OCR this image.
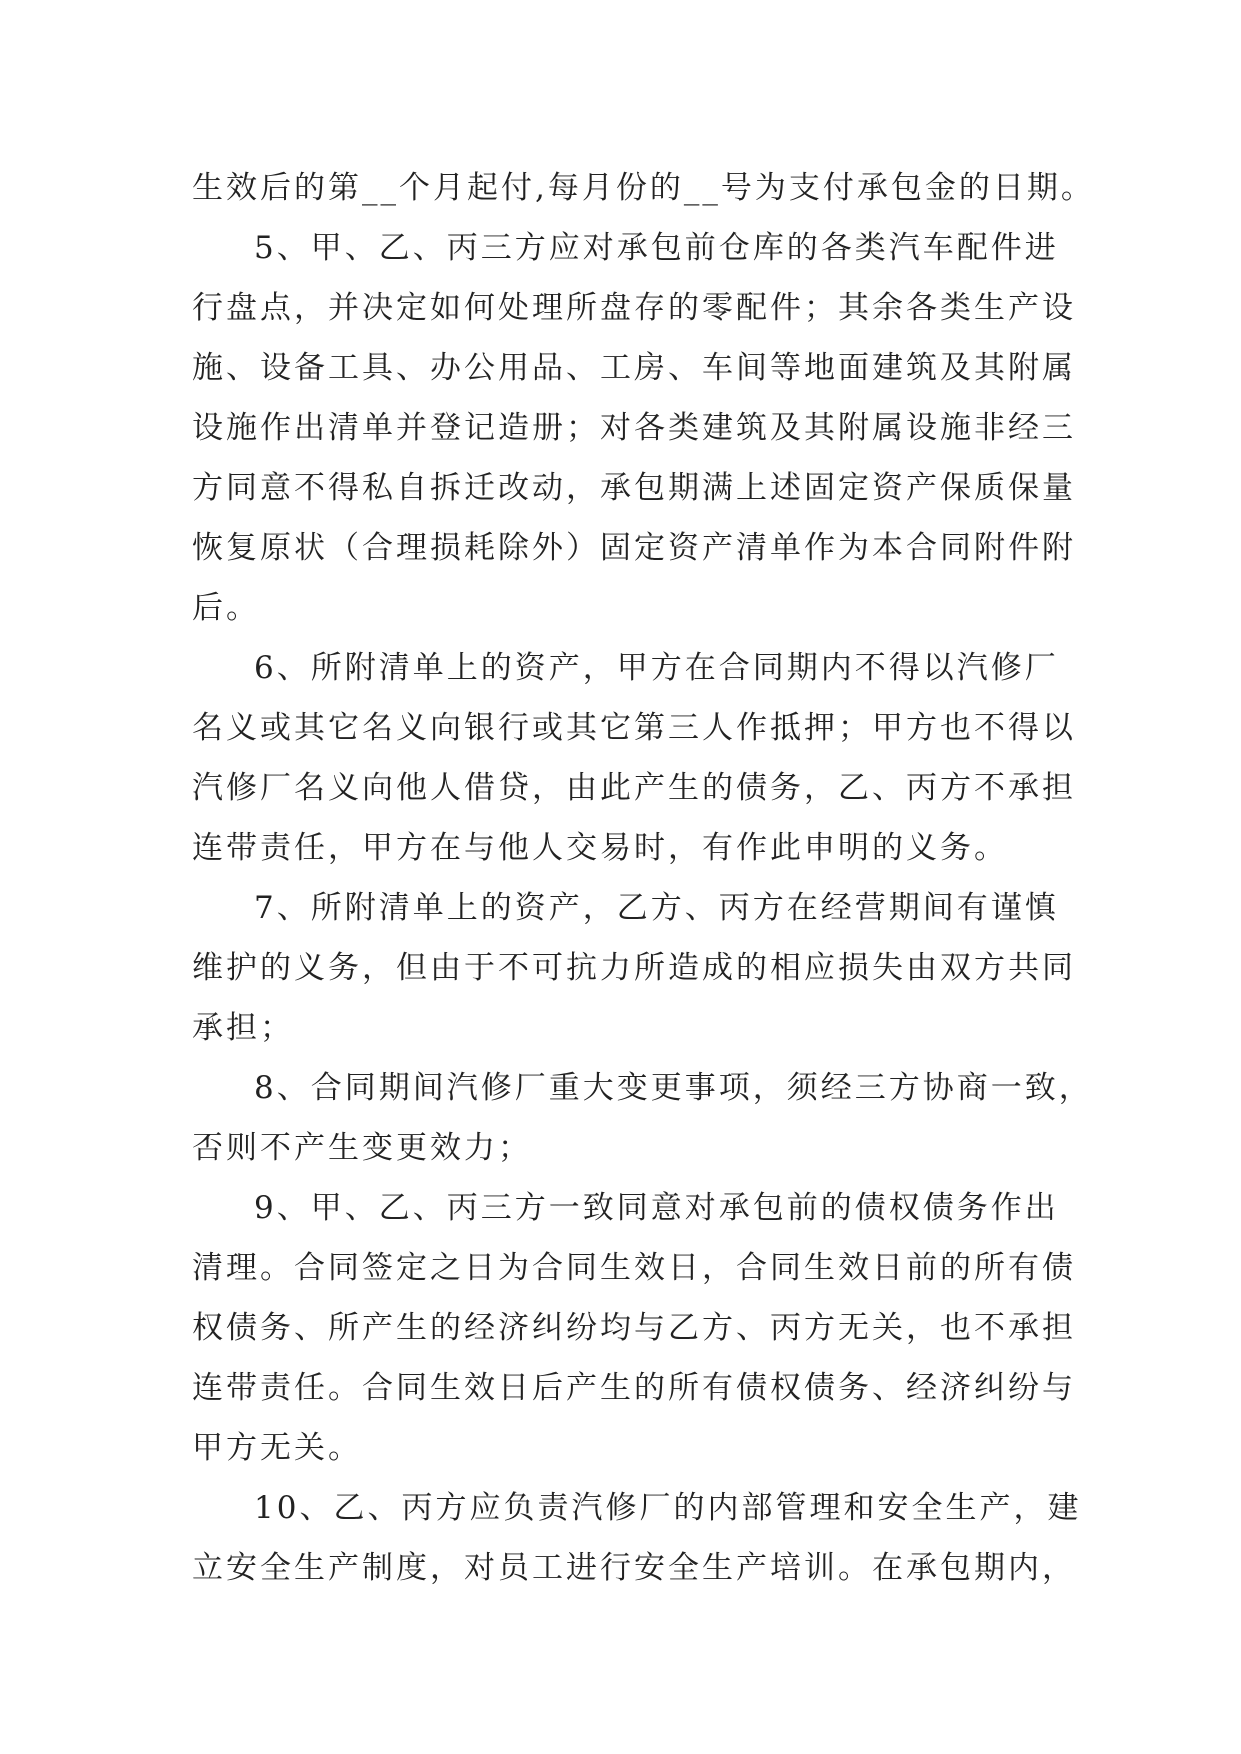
生效后的第__个月起付,每月份的__号为支付承包金的日期。
5、甲、乙、丙三方应对承包前仓库的各类汽车配件进
行盘点，并决定如何处理所盘存的零配件；其余各类生产设
施、设备工具、办公用品、工房、车间等地面建筑及其附属
设施作出清单并登记造册；对各类建筑及其附属设施非经三
方同意不得私自拆迁改动，承包期满上述固定资产保质保量
恢复原状（合理损耗除外）固定资产清单作为本合同附件附
后。
6、所附清单上的资产，甲方在合同期内不得以汽修厂
名义或其它名义向银行或其它第三人作抵押；甲方也不得以
汽修厂名义向他人借贷，由此产生的债务，乙、丙方不承担
连带责任，甲方在与他人交易时，有作此申明的义务。
7、所附清单上的资产，乙方、丙方在经营期间有谨慎
维护的义务，但由于不可抗力所造成的相应损失由双方共同
承担；
8、合同期间汽修厂重大变更事项，须经三方协商一致，
否则不产生变更效力；
9、甲、乙、丙三方一致同意对承包前的债权债务作出
清理。合同签定之日为合同生效日，合同生效日前的所有债
权债务、所产生的经济纠纷均与乙方、丙方无关，也不承担
连带责任。合同生效日后产生的所有债权债务、经济纠纷与
甲方无关。
10、乙、丙方应负责汽修厂的内部管理和安全生产，建
立安全生产制度，对员工进行安全生产培训。在承包期内，
